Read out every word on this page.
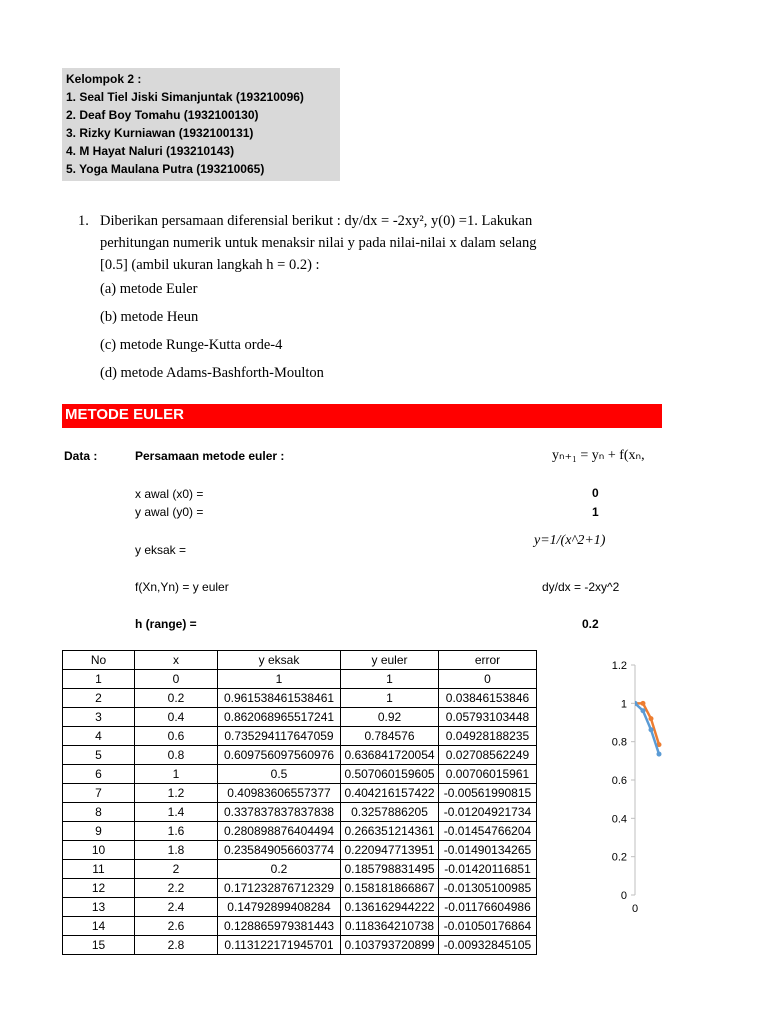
Kelompok 2 :
1. Seal Tiel Jiski Simanjuntak (193210096)
2. Deaf Boy Tomahu (1932100130)
3. Rizky Kurniawan (1932100131)
4. M Hayat Naluri (193210143)
5. Yoga Maulana Putra (193210065)
1. Diberikan persamaan diferensial berikut : dy/dx = -2xy², y(0) =1. Lakukan
perhitungan numerik untuk menaksir nilai y pada nilai-nilai x dalam selang
[0.5] (ambil ukuran langkah h = 0.2) :
(a) metode Euler
(b) metode Heun
(c) metode Runge-Kutta orde-4
(d) metode Adams-Bashforth-Moulton
METODE EULER
Data :	Persamaan metode euler :	yₙ₊₁ = yₙ + f(xₙ,
x awal (x0) =	0
y awal (y0) =	1
y eksak =
y=1/(x^2+1)
f(Xn,Yn) = y euler	dy/dx = -2xy^2
h (range) =	0.2
No	x	y eksak	y euler	error
1	0	1	1	0
2	0.2	0.961538461538461	1	0.03846153846
3	0.4	0.862068965517241	0.92	0.05793103448
4	0.6	0.735294117647059	0.784576	0.04928188235
5	0.8	0.609756097560976	0.636841720054	0.02708562249
6	1	0.5	0.507060159605	0.00706015961
7	1.2	0.40983606557377	0.404216157422	-0.00561990815
8	1.4	0.337837837837838	0.3257886205	-0.01204921734
9	1.6	0.280898876404494	0.266351214361	-0.01454766204
10	1.8	0.235849056603774	0.220947713951	-0.01490134265
11	2	0.2	0.185798831495	-0.01420116851
12	2.2	0.171232876712329	0.158181866867	-0.01305100985
13	2.4	0.14792899408284	0.136162944222	-0.01176604986
14	2.6	0.128865979381443	0.118364210738	-0.01050176864
15	2.8	0.113122171945701	0.103793720899	-0.00932845105
0
0.2
0.4
0.6
0.8
1
1.2
0
